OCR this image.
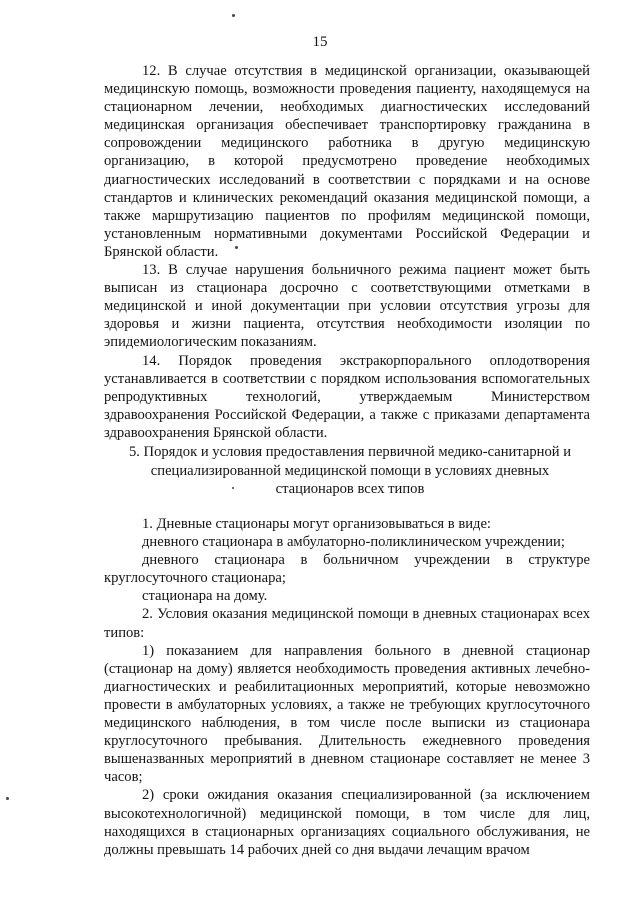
15

12. В случае отсутствия в медицинской организации, оказывающей медицинскую помощь, возможности проведения пациенту, находящемуся на стационарном лечении, необходимых диагностических исследований медицинская организация обеспечивает транспортировку гражданина в сопровождении медицинского работника в другую медицинскую организацию, в которой предусмотрено проведение необходимых диагностических исследований в соответствии с порядками и на основе стандартов и клинических рекомендаций оказания медицинской помощи, а также маршрутизацию пациентов по профилям медицинской помощи, установленным нормативными документами Российской Федерации и Брянской области.

13. В случае нарушения больничного режима пациент может быть выписан из стационара досрочно с соответствующими отметками в медицинской и иной документации при условии отсутствия угрозы для здоровья и жизни пациента, отсутствия необходимости изоляции по эпидемиологическим показаниям.

14. Порядок проведения экстракорпорального оплодотворения устанавливается в соответствии с порядком использования вспомогательных репродуктивных технологий, утверждаемым Министерством здравоохранения Российской Федерации, а также с приказами департамента здравоохранения Брянской области.

5. Порядок и условия предоставления первичной медико-санитарной и специализированной медицинской помощи в условиях дневных стационаров всех типов

1. Дневные стационары могут организовываться в виде:

дневного стационара в амбулаторно-поликлиническом учреждении;

дневного стационара в больничном учреждении в структуре круглосуточного стационара;

стационара на дому.

2. Условия оказания медицинской помощи в дневных стационарах всех типов:

1) показанием для направления больного в дневной стационар (стационар на дому) является необходимость проведения активных лечебно-диагностических и реабилитационных мероприятий, которые невозможно провести в амбулаторных условиях, а также не требующих круглосуточного медицинского наблюдения, в том числе после выписки из стационара круглосуточного пребывания. Длительность ежедневного проведения вышеназванных мероприятий в дневном стационаре составляет не менее 3 часов;

2) сроки ожидания оказания специализированной (за исключением высокотехнологичной) медицинской помощи, в том числе для лиц, находящихся в стационарных организациях социального обслуживания, не должны превышать 14 рабочих дней со дня выдачи лечащим врачом
